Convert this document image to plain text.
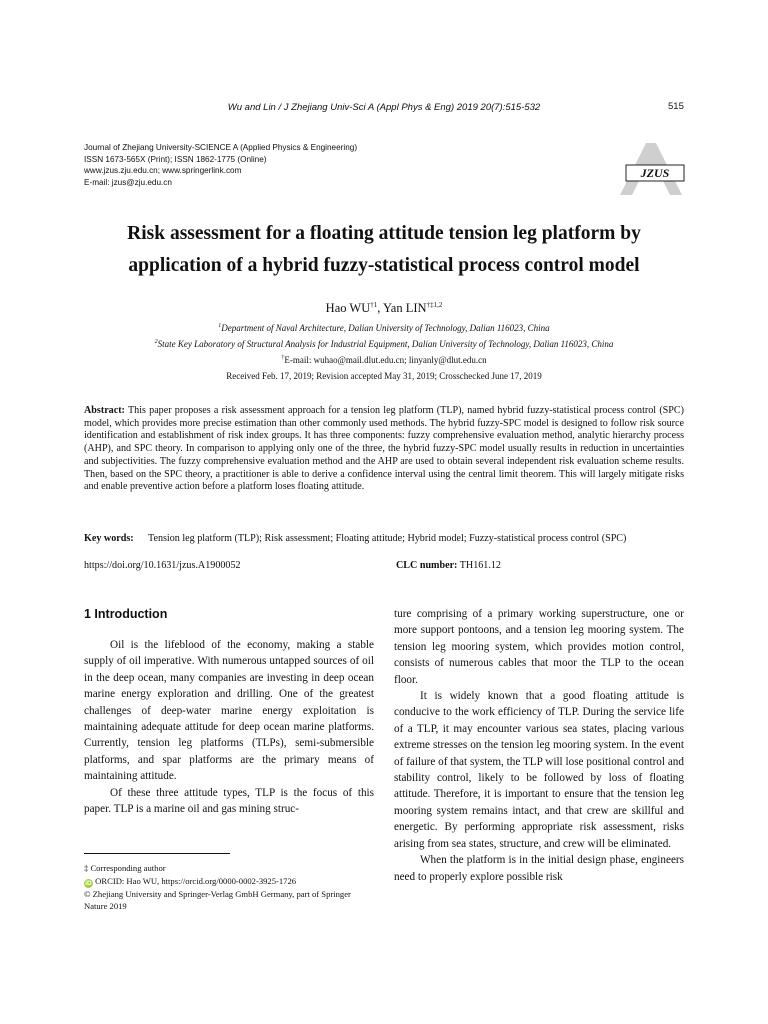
Wu and Lin / J Zhejiang Univ-Sci A (Appl Phys & Eng) 2019 20(7):515-532	515
Journal of Zhejiang University-SCIENCE A (Applied Physics & Engineering)
ISSN 1673-565X (Print); ISSN 1862-1775 (Online)
www.jzus.zju.edu.cn; www.springerlink.com
E-mail: jzus@zju.edu.cn
JZUS
Risk assessment for a floating attitude tension leg platform by
application of a hybrid fuzzy-statistical process control model
Hao WU$^{\dagger 1}$, Yan LIN$^{\dagger\ddagger 1,2}$
$^1$Department of Naval Architecture, Dalian University of Technology, Dalian 116023, China
$^2$State Key Laboratory of Structural Analysis for Industrial Equipment, Dalian University of Technology, Dalian 116023, China
†E-mail: wuhao@mail.dlut.edu.cn; linyanly@dlut.edu.cn
Received Feb. 17, 2019; Revision accepted May 31, 2019; Crosschecked June 17, 2019
Abstract: This paper proposes a risk assessment approach for a tension leg platform (TLP), named hybrid fuzzy-statistical process control (SPC) model, which provides more precise estimation than other commonly used methods. The hybrid fuzzy-SPC model is designed to follow risk source identification and establishment of risk index groups. It has three components: fuzzy comprehensive evaluation method, analytic hierarchy process (AHP), and SPC theory. In comparison to applying only one of the three, the hybrid fuzzy-SPC model usually results in reduction in uncertainties and subjectivities. The fuzzy comprehensive evaluation method and the AHP are used to obtain several independent risk evaluation scheme results. Then, based on the SPC theory, a practitioner is able to derive a confidence interval using the central limit theorem. This will largely mitigate risks and enable preventive action before a platform loses floating attitude.
Key words: Tension leg platform (TLP); Risk assessment; Floating attitude; Hybrid model; Fuzzy-statistical process control (SPC)
https://doi.org/10.1631/jzus.A1900052	CLC number: TH161.12
1 Introduction

Oil is the lifeblood of the economy, making a stable supply of oil imperative. With numerous untapped sources of oil in the deep ocean, many companies are investing in deep ocean marine energy exploration and drilling. One of the greatest challenges of deep-water marine energy exploitation is maintaining adequate attitude for deep ocean marine platforms. Currently, tension leg platforms (TLPs), semi-submersible platforms, and spar platforms are the primary means of maintaining attitude.

Of these three attitude types, TLP is the focus of this paper. TLP is a marine oil and gas mining struc-

ture comprising of a primary working superstructure, one or more support pontoons, and a tension leg mooring system. The tension leg mooring system, which provides motion control, consists of numerous cables that moor the TLP to the ocean floor.

It is widely known that a good floating attitude is conducive to the work efficiency of TLP. During the service life of a TLP, it may encounter various sea states, placing various extreme stresses on the tension leg mooring system. In the event of failure of that system, the TLP will lose positional control and stability control, likely to be followed by loss of floating attitude. Therefore, it is important to ensure that the tension leg mooring system remains intact, and that crew are skillful and energetic. By performing appropriate risk assessment, risks arising from sea states, structure, and crew will be eliminated.

When the platform is in the initial design phase, engineers need to properly explore possible risk

‡ Corresponding author
iD ORCID: Hao WU, https://orcid.org/0000-0002-3925-1726
© Zhejiang University and Springer-Verlag GmbH Germany, part of Springer Nature 2019
